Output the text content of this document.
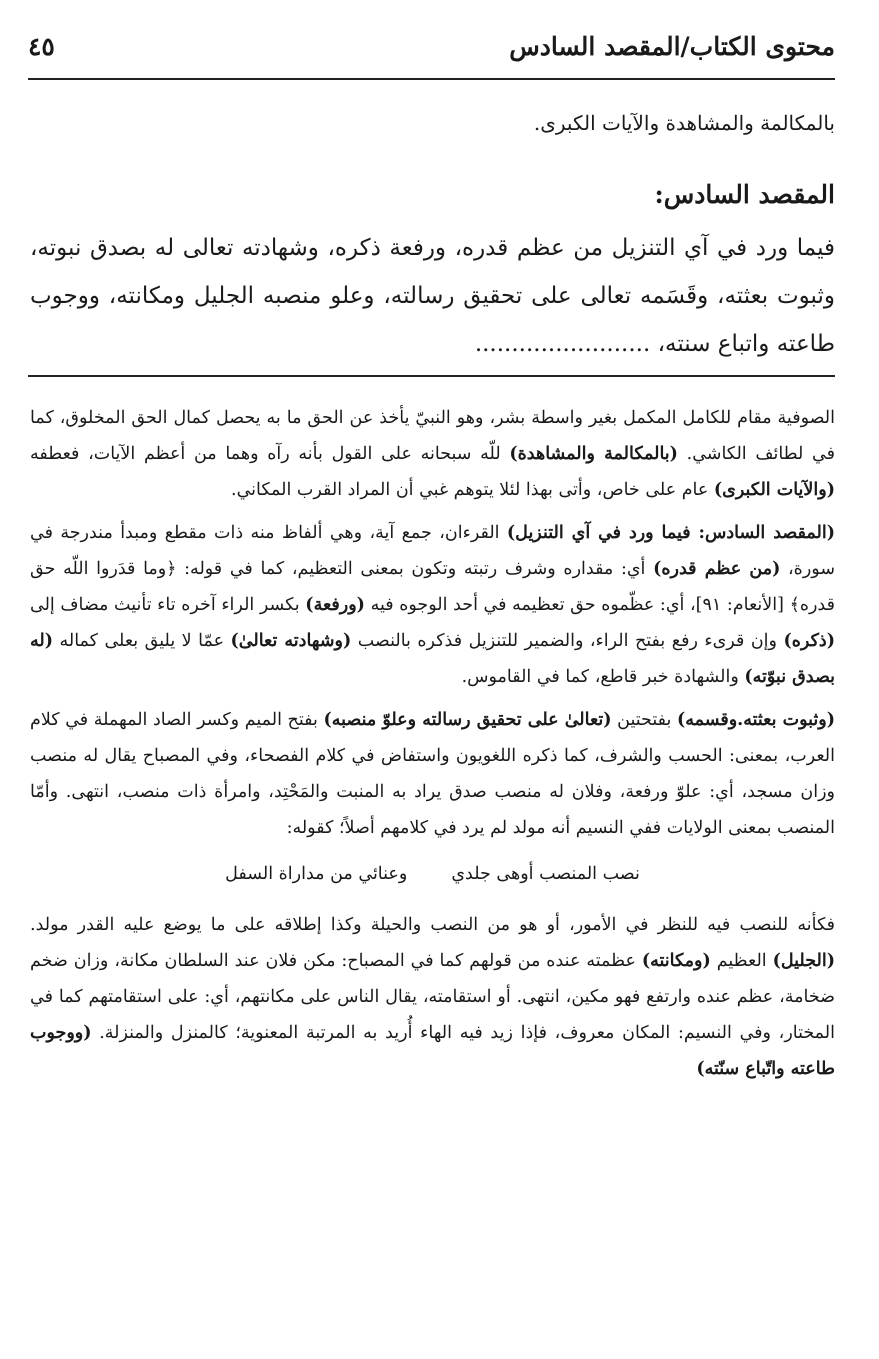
محتوى الكتاب/المقصد السادس
٤٥

بالمكالمة والمشاهدة والآيات الكبرى.

المقصد السادس:

فيما ورد في آي التنزيل من عظم قدره، ورفعة ذكره، وشهادته تعالى له بصدق نبوته، وثبوت بعثته، وقَسَمه تعالى على تحقيق رسالته، وعلو منصبه الجليل ومكانته، ووجوب طاعته واتباع سنته، ........................

الصوفية مقام للكامل المكمل بغير واسطة بشر، وهو النبيّ يأخذ عن الحق ما به يحصل كمال الحق المخلوق، كما في لطائف الكاشي. (بالمكالمة والمشاهدة) للّه سبحانه على القول بأنه رآه وهما من أعظم الآيات، فعطفه (والآيات الكبرى) عام على خاص، وأتى بهذا لئلا يتوهم غبي أن المراد القرب المكاني.

(المقصد السادس: فيما ورد في آي التنزيل) القرءان، جمع آية، وهي ألفاظ منه ذات مقطع ومبدأ مندرجة في سورة، (من عظم قدره) أي: مقداره وشرف رتبته وتكون بمعنى التعظيم، كما في قوله: ﴿وما قدَروا اللّه حق قدره﴾ [الأنعام: ٩١]، أي: عظّموه حق تعظيمه في أحد الوجوه فيه (ورفعة) بكسر الراء آخره تاء تأنيث مضاف إلى (ذكره) وإن قرىء رفع بفتح الراء، والضمير للتنزيل فذكره بالنصب (وشهادته تعالىٰ) عمّا لا يليق بعلى كماله (له بصدق نبوّته) والشهادة خبر قاطع، كما في القاموس.

(وثبوت بعثته.وقسمه) بفتحتين (تعالىٰ على تحقيق رسالته وعلوّ منصبه) بفتح الميم وكسر الصاد المهملة في كلام العرب، بمعنى: الحسب والشرف، كما ذكره اللغويون واستفاض في كلام الفصحاء، وفي المصباح يقال له منصب وزان مسجد، أي: علوّ ورفعة، وفلان له منصب صدق يراد به المنبت والمَحْتِد، وامرأة ذات منصب، انتهى. وأمّا المنصب بمعنى الولايات ففي النسيم أنه مولد لم يرد في كلامهم أصلاً؛ كقوله:

نصب المنصب أوهى جلديوعنائي من مداراة السفل

فكأنه للنصب فيه للنظر في الأمور، أو هو من النصب والحيلة وكذا إطلاقه على ما يوضع عليه القدر مولد. (الجليل) العظيم (ومكانته) عظمته عنده من قولهم كما في المصباح: مكن فلان عند السلطان مكانة، وزان ضخم ضخامة، عظم عنده وارتفع فهو مكين، انتهى. أو استقامته، يقال الناس على مكانتهم، أي: على استقامتهم كما في المختار، وفي النسيم: المكان معروف، فإذا زيد فيه الهاء أُريد به المرتبة المعنوية؛ كالمنزل والمنزلة. (ووجوب طاعته واتّباع سنّته)
